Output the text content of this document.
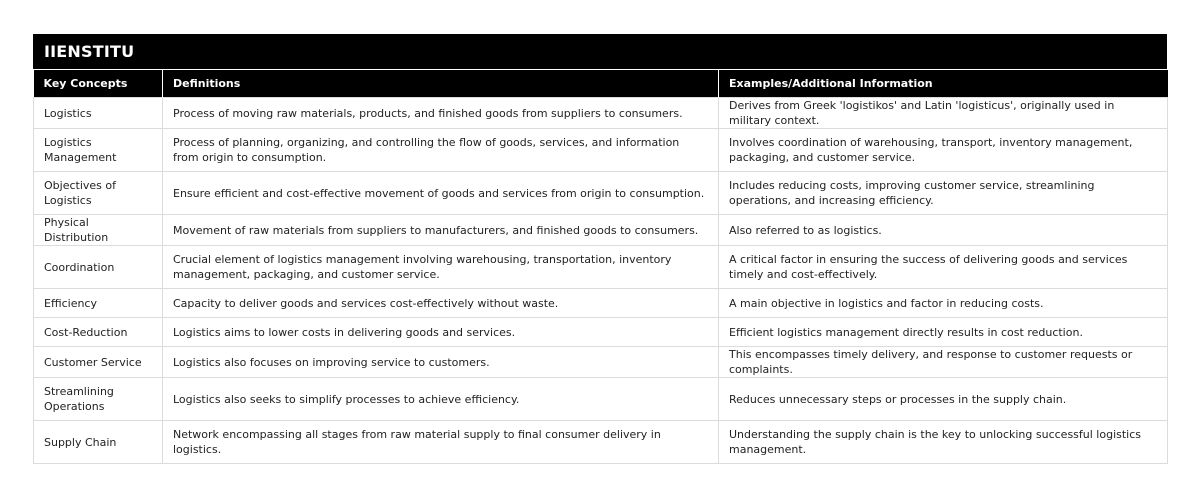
IIENSTITU
Key Concepts	Definitions	Examples/Additional Information
Logistics	Process of moving raw materials, products, and finished goods from suppliers to consumers.	Derives from Greek 'logistikos' and Latin 'logisticus', originally used in military context.
Logistics Management	Process of planning, organizing, and controlling the flow of goods, services, and information from origin to consumption.	Involves coordination of warehousing, transport, inventory management, packaging, and customer service.
Objectives of Logistics	Ensure efficient and cost-effective movement of goods and services from origin to consumption.	Includes reducing costs, improving customer service, streamlining operations, and increasing efficiency.
Physical Distribution	Movement of raw materials from suppliers to manufacturers, and finished goods to consumers.	Also referred to as logistics.
Coordination	Crucial element of logistics management involving warehousing, transportation, inventory management, packaging, and customer service.	A critical factor in ensuring the success of delivering goods and services timely and cost-effectively.
Efficiency	Capacity to deliver goods and services cost-effectively without waste.	A main objective in logistics and factor in reducing costs.
Cost-Reduction	Logistics aims to lower costs in delivering goods and services.	Efficient logistics management directly results in cost reduction.
Customer Service	Logistics also focuses on improving service to customers.	This encompasses timely delivery, and response to customer requests or complaints.
Streamlining Operations	Logistics also seeks to simplify processes to achieve efficiency.	Reduces unnecessary steps or processes in the supply chain.
Supply Chain	Network encompassing all stages from raw material supply to final consumer delivery in logistics.	Understanding the supply chain is the key to unlocking successful logistics management.
